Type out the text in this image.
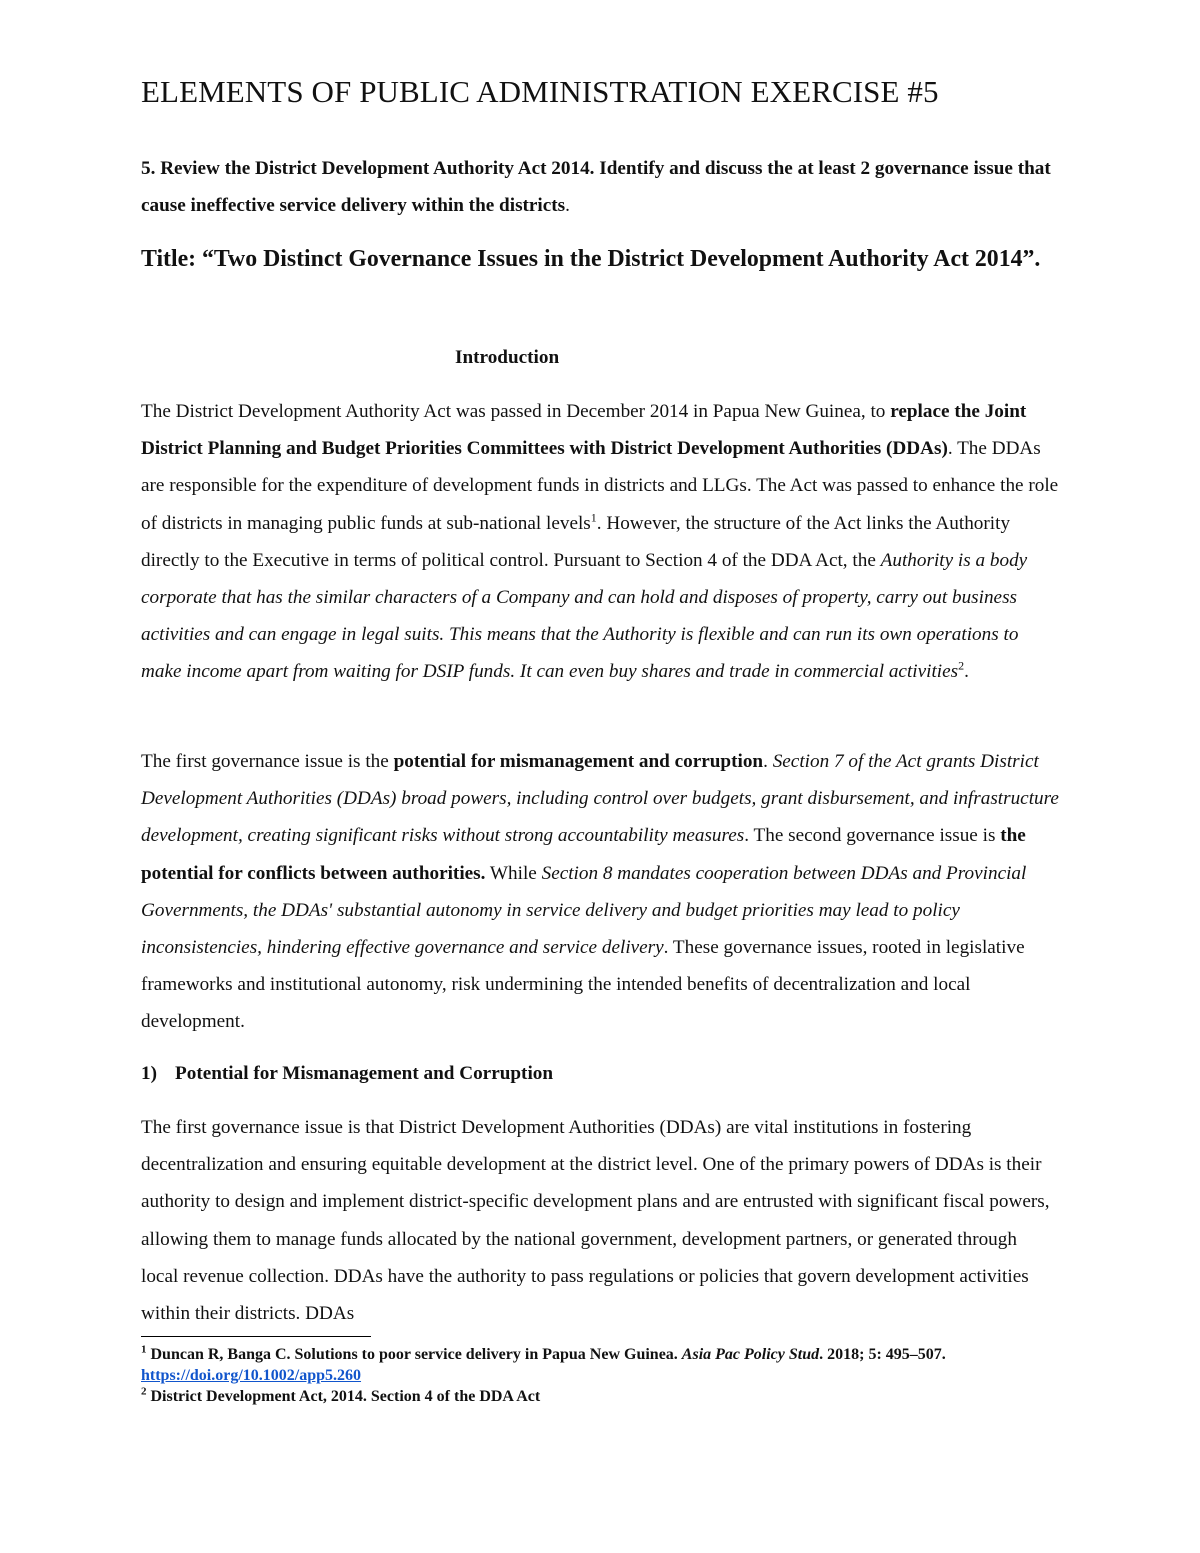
ELEMENTS OF PUBLIC ADMINISTRATION EXERCISE #5

5. Review the District Development Authority Act 2014. Identify and discuss the at least 2 governance issue that cause ineffective service delivery within the districts.

Title: “Two Distinct Governance Issues in the District Development Authority Act 2014”.
Introduction

The District Development Authority Act was passed in December 2014 in Papua New Guinea, to replace the Joint District Planning and Budget Priorities Committees with District Development Authorities (DDAs). The DDAs are responsible for the expenditure of development funds in districts and LLGs. The Act was passed to enhance the role of districts in managing public funds at sub-national levels$^1$. However, the structure of the Act links the Authority directly to the Executive in terms of political control. Pursuant to Section 4 of the DDA Act, the Authority is a body corporate that has the similar characters of a Company and can hold and disposes of property, carry out business activities and can engage in legal suits. This means that the Authority is flexible and can run its own operations to make income apart from waiting for DSIP funds. It can even buy shares and trade in commercial activities$^2$.

The first governance issue is the potential for mismanagement and corruption. Section 7 of the Act grants District Development Authorities (DDAs) broad powers, including control over budgets, grant disbursement, and infrastructure development, creating significant risks without strong accountability measures. The second governance issue is the potential for conflicts between authorities. While Section 8 mandates cooperation between DDAs and Provincial Governments, the DDAs' substantial autonomy in service delivery and budget priorities may lead to policy inconsistencies, hindering effective governance and service delivery. These governance issues, rooted in legislative frameworks and institutional autonomy, risk undermining the intended benefits of decentralization and local development.

1) Potential for Mismanagement and Corruption

The first governance issue is that District Development Authorities (DDAs) are vital institutions in fostering decentralization and ensuring equitable development at the district level. One of the primary powers of DDAs is their authority to design and implement district-specific development plans and are entrusted with significant fiscal powers, allowing them to manage funds allocated by the national government, development partners, or generated through local revenue collection. DDAs have the authority to pass regulations or policies that govern development activities within their districts. DDAs

$^1$ Duncan R, Banga C. Solutions to poor service delivery in Papua New Guinea. Asia Pac Policy Stud. 2018; 5: 495–507. https://doi.org/10.1002/app5.260

$^2$ District Development Act, 2014. Section 4 of the DDA Act
